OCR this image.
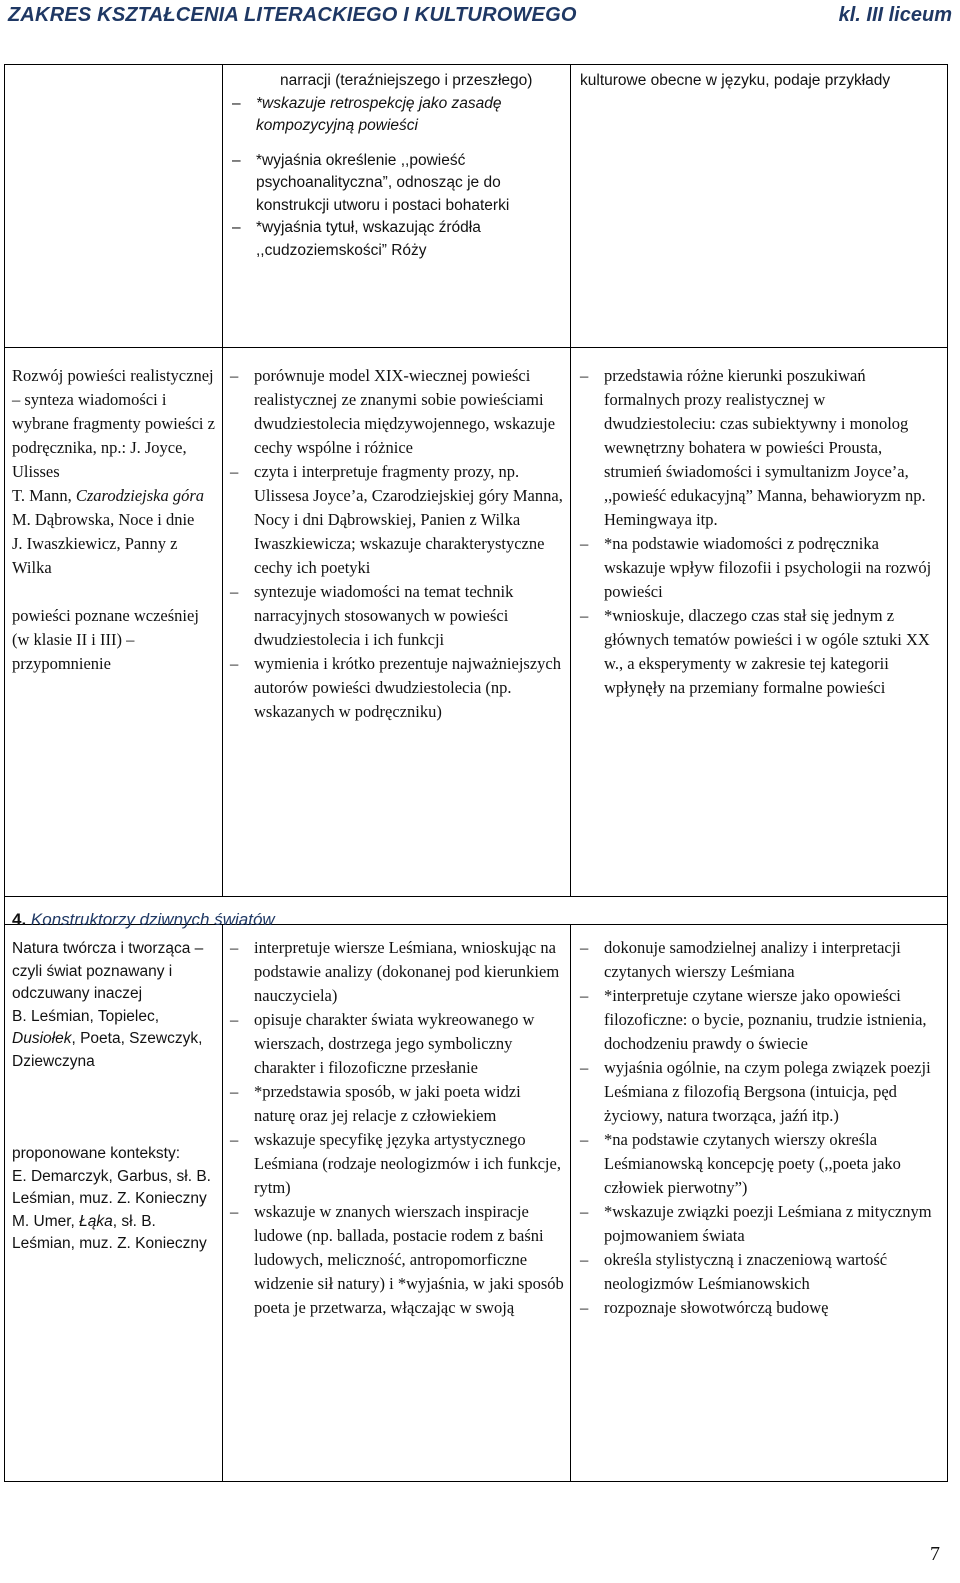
ZAKRES KSZTAŁCENIA LITERACKIEGO I KULTUROWEGO	kl. III liceum

narracji (teraźniejszego i przeszłego)

– *wskazuje retrospekcję jako zasadę kompozycyjną powieści
– *wyjaśnia określenie ,,powieść psychoanalityczna”, odnosząc je do konstrukcji utworu i postaci bohaterki
– *wyjaśnia tytuł, wskazując źródła ,,cudzoziemskości” Róży

kulturowe obecne w języku, podaje przykłady

Rozwój powieści realistycznej – synteza wiadomości i wybrane fragmenty powieści z podręcznika, np.: J. Joyce, Ulisses

T. Mann, Czarodziejska góra

M. Dąbrowska, Noce i dnie

J. Iwaszkiewicz, Panny z Wilka

powieści poznane wcześniej (w klasie II i III) – przypomnienie

– porównuje model XIX-wiecznej powieści realistycznej ze znanymi sobie powieściami dwudziestolecia międzywojennego, wskazuje cechy wspólne i różnice
– czyta i interpretuje fragmenty prozy, np. Ulissesa Joyce’a, Czarodziejskiej góry Manna, Nocy i dni Dąbrowskiej, Panien z Wilka Iwaszkiewicza; wskazuje charakterystyczne cechy ich poetyki
– syntezuje wiadomości na temat technik narracyjnych stosowanych w powieści dwudziestolecia i ich funkcji
– wymienia i krótko prezentuje najważniejszych autorów powieści dwudziestolecia (np. wskazanych w podręczniku)
– przedstawia różne kierunki poszukiwań formalnych prozy realistycznej w dwudziestoleciu: czas subiektywny i monolog wewnętrzny bohatera w powieści Prousta, strumień świadomości i symultanizm Joyce’a, ,,powieść edukacyjną” Manna, behawioryzm np. Hemingwaya itp.
– *na podstawie wiadomości z podręcznika wskazuje wpływ filozofii i psychologii na rozwój powieści
– *wnioskuje, dlaczego czas stał się jednym z głównych tematów powieści i w ogóle sztuki XX w., a eksperymenty w zakresie tej kategorii wpłynęły na przemiany formalne powieści

Natura twórcza i tworząca – czyli świat poznawany i odczuwany inaczej

B. Leśmian, Topielec, Dusiołek, Poeta, Szewczyk, Dziewczyna

proponowane konteksty:

E. Demarczyk, Garbus, sł. B. Leśmian, muz. Z. Konieczny

M. Umer, Łąka, sł. B. Leśmian, muz. Z. Konieczny

– interpretuje wiersze Leśmiana, wnioskując na podstawie analizy (dokonanej pod kierunkiem nauczyciela)
– opisuje charakter świata wykreowanego w wierszach, dostrzega jego symboliczny charakter i filozoficzne przesłanie
– *przedstawia sposób, w jaki poeta widzi naturę oraz jej relacje z człowiekiem
– wskazuje specyfikę języka artystycznego Leśmiana (rodzaje neologizmów i ich funkcje, rytm)
– wskazuje w znanych wierszach inspiracje ludowe (np. ballada, postacie rodem z baśni ludowych, meliczność, antropomorficzne widzenie sił natury) i *wyjaśnia, w jaki sposób poeta je przetwarza, włączając w swoją
– dokonuje samodzielnej analizy i interpretacji czytanych wierszy Leśmiana
– *interpretuje czytane wiersze jako opowieści filozoficzne: o bycie, poznaniu, trudzie istnienia, dochodzeniu prawdy o świecie
– wyjaśnia ogólnie, na czym polega związek poezji Leśmiana z filozofią Bergsona (intuicja, pęd życiowy, natura tworząca, jaźń itp.)
– *na podstawie czytanych wierszy określa Leśmianowską koncepcję poety (,,poeta jako człowiek pierwotny”)
– *wskazuje związki poezji Leśmiana z mitycznym pojmowaniem świata
– określa stylistyczną i znaczeniową wartość neologizmów Leśmianowskich
– rozpoznaje słowotwórczą budowę
4. Konstruktorzy dziwnych światów
7
